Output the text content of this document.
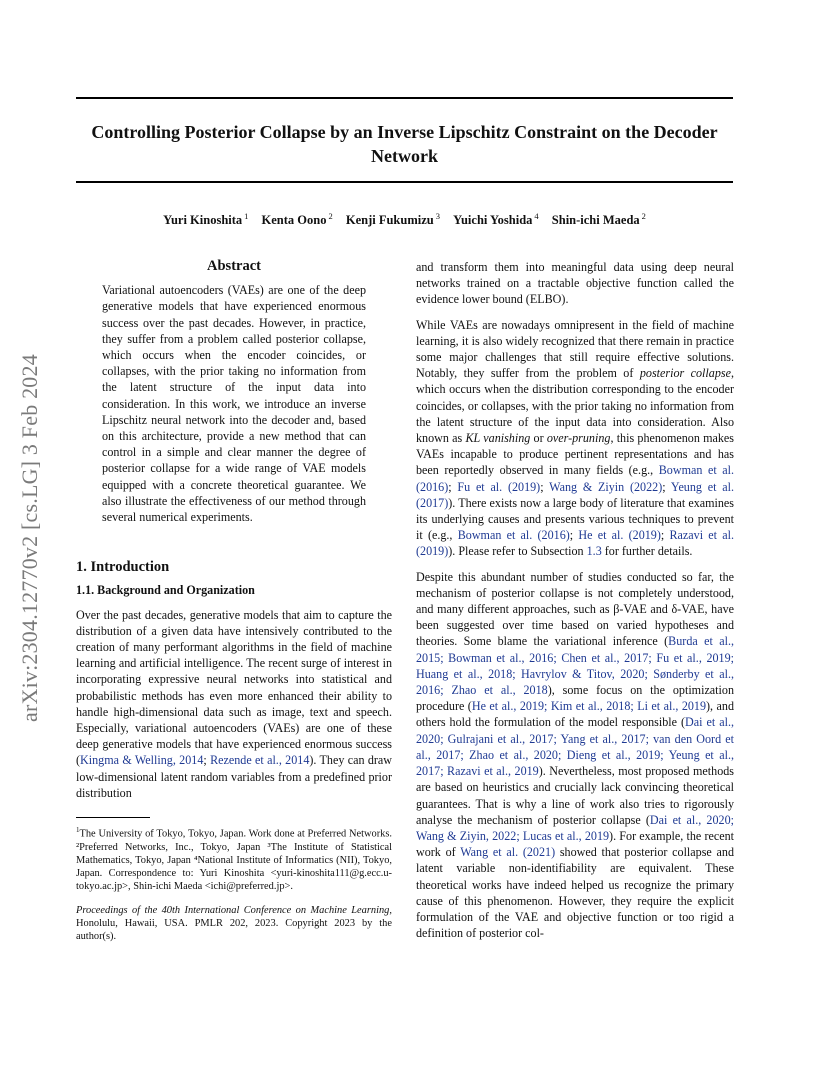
Controlling Posterior Collapse by an Inverse Lipschitz Constraint on the Decoder Network
Yuri Kinoshita $^1$ Kenta Oono $^2$ Kenji Fukumizu $^3$ Yuichi Yoshida $^4$ Shin-ichi Maeda $^2$
arXiv:2304.12770v2 [cs.LG] 3 Feb 2024
Abstract

Variational autoencoders (VAEs) are one of the deep generative models that have experienced enormous success over the past decades. However, in practice, they suffer from a problem called posterior collapse, which occurs when the encoder coincides, or collapses, with the prior taking no information from the latent structure of the input data into consideration. In this work, we introduce an inverse Lipschitz neural network into the decoder and, based on this architecture, provide a new method that can control in a simple and clear manner the degree of posterior collapse for a wide range of VAE models equipped with a concrete theoretical guarantee. We also illustrate the effectiveness of our method through several numerical experiments.

1. Introduction
1.1. Background and Organization

Over the past decades, generative models that aim to capture the distribution of a given data have intensively contributed to the creation of many performant algorithms in the field of machine learning and artificial intelligence. The recent surge of interest in incorporating expressive neural networks into statistical and probabilistic methods has even more enhanced their ability to handle high-dimensional data such as image, text and speech. Especially, variational autoencoders (VAEs) are one of these deep generative models that have experienced enormous success (Kingma & Welling, 2014; Rezende et al., 2014). They can draw low-dimensional latent random variables from a predefined prior distribution

$^1$The University of Tokyo, Tokyo, Japan. Work done at Preferred Networks. ²Preferred Networks, Inc., Tokyo, Japan ³The Institute of Statistical Mathematics, Tokyo, Japan ⁴National Institute of Informatics (NII), Tokyo, Japan. Correspondence to: Yuri Kinoshita <yuri-kinoshita111@g.ecc.u-tokyo.ac.jp>, Shin-ichi Maeda <ichi@preferred.jp>.
Proceedings of the 40th International Conference on Machine Learning, Honolulu, Hawaii, USA. PMLR 202, 2023. Copyright 2023 by the author(s).

and transform them into meaningful data using deep neural networks trained on a tractable objective function called the evidence lower bound (ELBO).

While VAEs are nowadays omnipresent in the field of machine learning, it is also widely recognized that there remain in practice some major challenges that still require effective solutions. Notably, they suffer from the problem of posterior collapse, which occurs when the distribution corresponding to the encoder coincides, or collapses, with the prior taking no information from the latent structure of the input data into consideration. Also known as KL vanishing or over-pruning, this phenomenon makes VAEs incapable to produce pertinent representations and has been reportedly observed in many fields (e.g., Bowman et al. (2016); Fu et al. (2019); Wang & Ziyin (2022); Yeung et al. (2017)). There exists now a large body of literature that examines its underlying causes and presents various techniques to prevent it (e.g., Bowman et al. (2016); He et al. (2019); Razavi et al. (2019)). Please refer to Subsection 1.3 for further details.

Despite this abundant number of studies conducted so far, the mechanism of posterior collapse is not completely understood, and many different approaches, such as β-VAE and δ-VAE, have been suggested over time based on varied hypotheses and theories. Some blame the variational inference (Burda et al., 2015; Bowman et al., 2016; Chen et al., 2017; Fu et al., 2019; Huang et al., 2018; Havrylov & Titov, 2020; Sønderby et al., 2016; Zhao et al., 2018), some focus on the optimization procedure (He et al., 2019; Kim et al., 2018; Li et al., 2019), and others hold the formulation of the model responsible (Dai et al., 2020; Gulrajani et al., 2017; Yang et al., 2017; van den Oord et al., 2017; Zhao et al., 2020; Dieng et al., 2019; Yeung et al., 2017; Razavi et al., 2019). Nevertheless, most proposed methods are based on heuristics and crucially lack convincing theoretical guarantees. That is why a line of work also tries to rigorously analyse the mechanism of posterior collapse (Dai et al., 2020; Wang & Ziyin, 2022; Lucas et al., 2019). For example, the recent work of Wang et al. (2021) showed that posterior collapse and latent variable non-identifiability are equivalent. These theoretical works have indeed helped us recognize the primary cause of this phenomenon. However, they require the explicit formulation of the VAE and objective function or too rigid a definition of posterior col-
